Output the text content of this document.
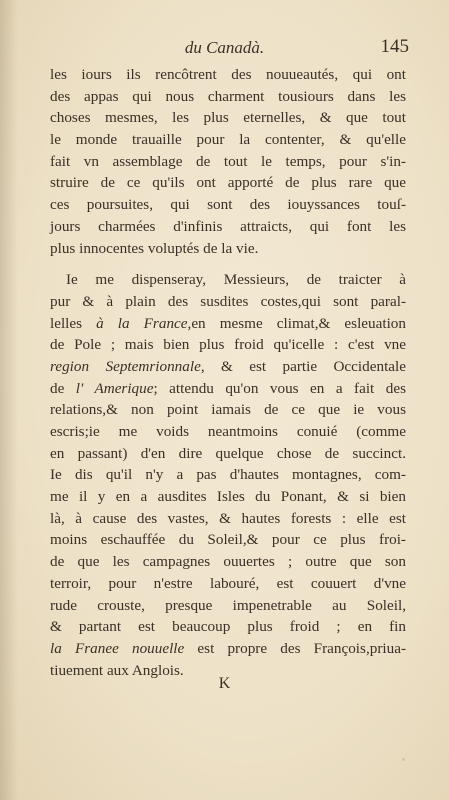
du Canadà.	145
les iours ils rencôtrent des nouueautés, qui ont
des appas qui nous charment tousiours dans les
choses mesmes, les plus eternelles, & que tout
le monde trauaille pour la contenter, & qu'elle
fait vn assemblage de tout le temps, pour s'in-
struire de ce qu'ils ont apporté de plus rare que
ces poursuites, qui sont des iouyssances touſ-
jours charmées d'infinis attraicts, qui font les
plus innocentes voluptés de la vie.
Ie me dispenseray, Messieurs, de traicter à
pur & à plain des susdites costes,qui sont paral-
lelles à la France,en mesme climat,& esleuation
de Pole ; mais bien plus froid qu'icelle : c'est vne
region Septemrionnale, & est partie Occidentale
de l' Amerique; attendu qu'on vous en a fait des
relations,& non point iamais de ce que ie vous
escris;ie me voids neantmoins conuié (comme
en passant) d'en dire quelque chose de succinct.
Ie dis qu'il n'y a pas d'hautes montagnes, com-
me il y en a ausdites Isles du Ponant, & si bien
là, à cause des vastes, & hautes forests : elle est
moins eschauffée du Soleil,& pour ce plus froi-
de que les campagnes ouuertes ; outre que son
terroir, pour n'estre labouré, est couuert d'vne
rude crouste, presque impenetrable au Soleil,
& partant est beaucoup plus froid ; en fin
la Franee nouuelle est propre des François,priua-
tiuement aux Anglois.
K
